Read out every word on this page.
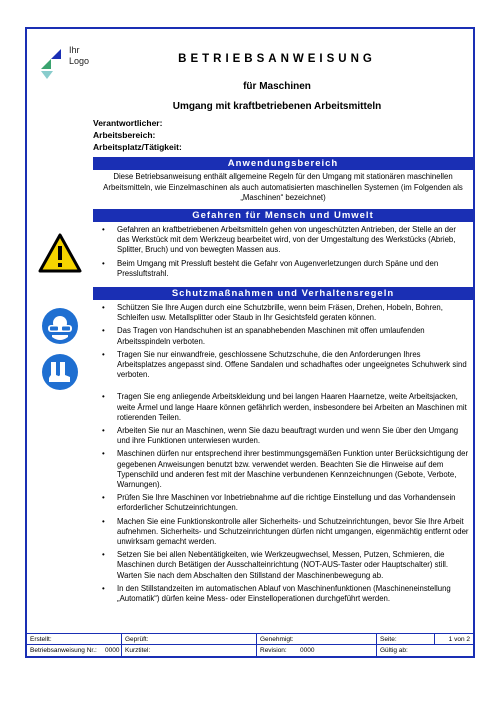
Ihr
Logo	BETRIEBSANWEISUNG
für Maschinen
Umgang mit kraftbetriebenen Arbeitsmitteln
Verantwortlicher:
Arbeitsbereich:
Arbeitsplatz/Tätigkeit:
Anwendungsbereich
Diese Betriebsanweisung enthält allgemeine Regeln für den Umgang mit stationären maschinellen Arbeitsmitteln, wie Einzelmaschinen als auch automatisierten maschinellen Systemen (im Folgenden als „Maschinen“ bezeichnet)
Gefahren für Mensch und Umwelt
• Gefahren an kraftbetriebenen Arbeitsmitteln gehen von ungeschützten Antrieben, der Stelle an der das Werkstück mit dem Werkzeug bearbeitet wird, von der Umgestaltung des Werkstücks (Abrieb, Splitter, Bruch) und von bewegten Massen aus.
• Beim Umgang mit Pressluft besteht die Gefahr von Augenverletzungen durch Späne und den Pressluftstrahl.
Schutzmaßnahmen und Verhaltensregeln
• Schützen Sie Ihre Augen durch eine Schutzbrille, wenn beim Fräsen, Drehen, Hobeln, Bohren, Schleifen usw. Metallsplitter oder Staub in Ihr Gesichtsfeld geraten können.
• Das Tragen von Handschuhen ist an spanabhebenden Maschinen mit offen umlaufenden Arbeitsspindeln verboten.
• Tragen Sie nur einwandfreie, geschlossene Schutzschuhe, die den Anforderungen Ihres Arbeitsplatzes angepasst sind. Offene Sandalen und schadhaftes oder ungeeignetes Schuhwerk sind verboten.
• Tragen Sie eng anliegende Arbeitskleidung und bei langen Haaren Haarnetze, weite Arbeitsjacken, weite Ärmel und lange Haare können gefährlich werden, insbesondere bei Arbeiten an Maschinen mit rotierenden Teilen.
• Arbeiten Sie nur an Maschinen, wenn Sie dazu beauftragt wurden und wenn Sie über den Umgang und ihre Funktionen unterwiesen wurden.
• Maschinen dürfen nur entsprechend ihrer bestimmungsgemäßen Funktion unter Berücksichtigung der gegebenen Anweisungen benutzt bzw. verwendet werden. Beachten Sie die Hinweise auf dem Typenschild und anderen fest mit der Maschine verbundenen Kennzeichnungen (Gebote, Verbote, Warnungen).
• Prüfen Sie Ihre Maschinen vor Inbetriebnahme auf die richtige Einstellung und das Vorhandensein erforderlicher Schutzeinrichtungen.
• Machen Sie eine Funktionskontrolle aller Sicherheits- und Schutzeinrichtungen, bevor Sie Ihre Arbeit aufnehmen. Sicherheits- und Schutzeinrichtungen dürfen nicht umgangen, eigenmächtig entfernt oder unwirksam gemacht werden.
• Setzen Sie bei allen Nebentätigkeiten, wie Werkzeugwechsel, Messen, Putzen, Schmieren, die Maschinen durch Betätigen der Ausschalteinrichtung (NOT-AUS-Taster oder Hauptschalter) still. Warten Sie nach dem Abschalten den Stillstand der Maschinenbewegung ab.
• In den Stillstandzeiten im automatischen Ablauf von Maschinenfunktionen (Maschineneinstellung „Automatik“) dürfen keine Mess- oder Einstelloperationen durchgeführt werden.
Erstellt:	Geprüft:	Genehmigt:	Seite:	1 von 2
Betriebsanweisung Nr.:	0000 Kurztitel:	Revision:	0000	Gültig ab:
